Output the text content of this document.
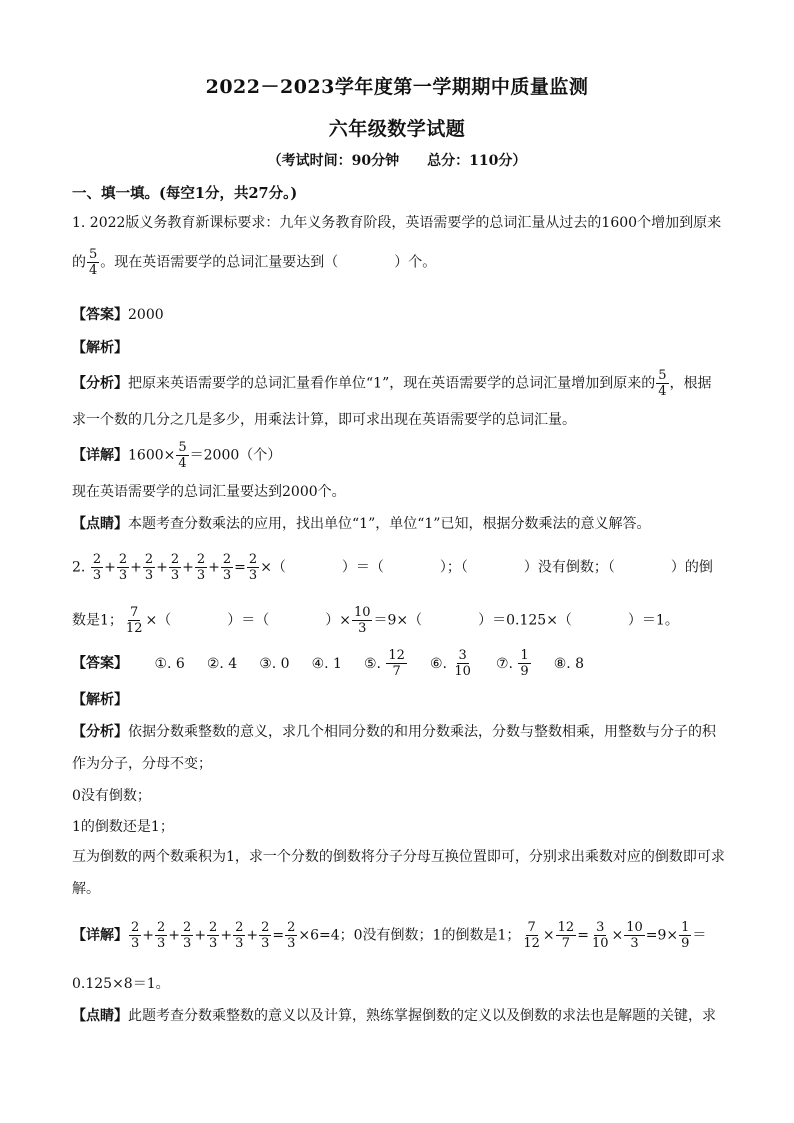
2022－2023学年度第一学期期中质量监测
六年级数学试题
（考试时间：90分钟　　总分：110分）
一、填一填。(每空1分，共27分。)
1. 2022版义务教育新课标要求：九年义务教育阶段，英语需要学的总词汇量从过去的1600个增加到原来
的 $\frac{5}{4}$ 。现在英语需要学的总词汇量要达到（　　　　）个。
【答案】2000
【解析】
【分析】把原来英语需要学的总词汇量看作单位“1”，现在英语需要学的总词汇量增加到原来的 $\frac{5}{4}$ ，根据
求一个数的几分之几是多少，用乘法计算，即可求出现在英语需要学的总词汇量。
【详解】$1600\times \frac{5}{4} =2000$（个）
现在英语需要学的总词汇量要达到2000个。
【点睛】本题考查分数乘法的应用，找出单位“1”，单位“1”已知，根据分数乘法的意义解答。
2. $\frac{2}{3} + \frac{2}{3} + \frac{2}{3} + \frac{2}{3} + \frac{2}{3} + \frac{2}{3} = \frac{2}{3}$ ×（　　　　）＝（　　　　）；（　　　　）没有倒数；（　　　　）的倒
数是1； $\frac{7}{12}$ ×（　　　　）＝（　　　　）× $\frac{10}{3} =9\times$（　　　　）＝0.125×（　　　　）＝1。
【答案】 ①. 6 ②. 4 ③. 0 ④. 1 ⑤. $\frac{12}{7}$ ⑥. $\frac{3}{10}$ ⑦. $\frac{1}{9}$ ⑧. 8
【解析】
【分析】依据分数乘整数的意义，求几个相同分数的和用分数乘法，分数与整数相乘，用整数与分子的积
作为分子，分母不变；
0没有倒数；
1的倒数还是1；
互为倒数的两个数乘积为1，求一个分数的倒数将分子分母互换位置即可，分别求出乘数对应的倒数即可求
解。
【详解】 $\frac{2}{3} + \frac{2}{3} + \frac{2}{3} + \frac{2}{3} + \frac{2}{3} + \frac{2}{3} = \frac{2}{3} \times 6=4$；0没有倒数；1的倒数是1； $\frac{7}{12} \times \frac{12}{7} = \frac{3}{10} \times \frac{10}{3} =9\times \frac{1}{9}$ ＝
0.125×8＝1。
【点睛】此题考查分数乘整数的意义以及计算，熟练掌握倒数的定义以及倒数的求法也是解题的关键，求
